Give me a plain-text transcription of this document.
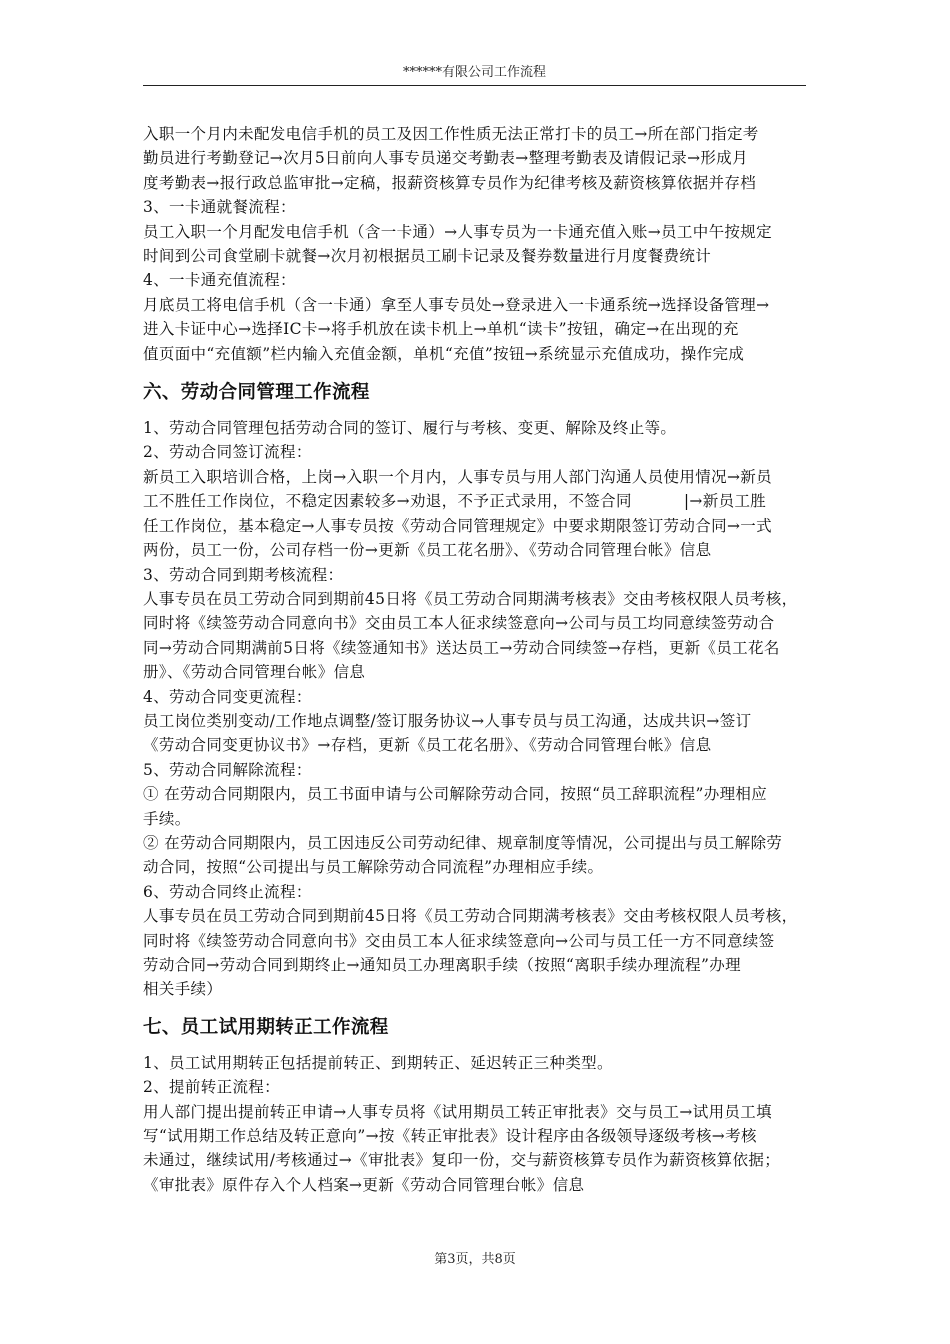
******有限公司工作流程

入职一个月内未配发电信手机的员工及因工作性质无法正常打卡的员工→所在部门指定考

勤员进行考勤登记→次月5日前向人事专员递交考勤表→整理考勤表及请假记录→形成月

度考勤表→报行政总监审批→定稿，报薪资核算专员作为纪律考核及薪资核算依据并存档

3、一卡通就餐流程：

员工入职一个月配发电信手机（含一卡通）→人事专员为一卡通充值入账→员工中午按规定

时间到公司食堂刷卡就餐→次月初根据员工刷卡记录及餐券数量进行月度餐费统计

4、一卡通充值流程：

月底员工将电信手机（含一卡通）拿至人事专员处→登录进入一卡通系统→选择设备管理→

进入卡证中心→选择IC卡→将手机放在读卡机上→单机“读卡”按钮，确定→在出现的充

值页面中“充值额”栏内输入充值金额，单机“充值”按钮→系统显示充值成功，操作完成

六、劳动合同管理工作流程

1、劳动合同管理包括劳动合同的签订、履行与考核、变更、解除及终止等。

2、劳动合同签订流程：

新员工入职培训合格，上岗→入职一个月内，人事专员与用人部门沟通人员使用情况→新员

工不胜任工作岗位，不稳定因素较多→劝退，不予正式录用，不签合同	|→新员工胜

任工作岗位，基本稳定→人事专员按《劳动合同管理规定》中要求期限签订劳动合同→一式

两份，员工一份，公司存档一份→更新《员工花名册》、《劳动合同管理台帐》信息

3、劳动合同到期考核流程：

人事专员在员工劳动合同到期前45日将《员工劳动合同期满考核表》交由考核权限人员考核，

同时将《续签劳动合同意向书》交由员工本人征求续签意向→公司与员工均同意续签劳动合

同→劳动合同期满前5日将《续签通知书》送达员工→劳动合同续签→存档，更新《员工花名

册》、《劳动合同管理台帐》信息

4、劳动合同变更流程：

员工岗位类别变动/工作地点调整/签订服务协议→人事专员与员工沟通，达成共识→签订

《劳动合同变更协议书》→存档，更新《员工花名册》、《劳动合同管理台帐》信息

5、劳动合同解除流程：

① 在劳动合同期限内，员工书面申请与公司解除劳动合同，按照“员工辞职流程”办理相应

手续。

② 在劳动合同期限内，员工因违反公司劳动纪律、规章制度等情况，公司提出与员工解除劳

动合同，按照“公司提出与员工解除劳动合同流程”办理相应手续。

6、劳动合同终止流程：

人事专员在员工劳动合同到期前45日将《员工劳动合同期满考核表》交由考核权限人员考核，

同时将《续签劳动合同意向书》交由员工本人征求续签意向→公司与员工任一方不同意续签

劳动合同→劳动合同到期终止→通知员工办理离职手续（按照“离职手续办理流程”办理

相关手续）

七、员工试用期转正工作流程

1、员工试用期转正包括提前转正、到期转正、延迟转正三种类型。

2、提前转正流程：

用人部门提出提前转正申请→人事专员将《试用期员工转正审批表》交与员工→试用员工填

写“试用期工作总结及转正意向”→按《转正审批表》设计程序由各级领导逐级考核→考核

未通过，继续试用/考核通过→《审批表》复印一份，交与薪资核算专员作为薪资核算依据；

《审批表》原件存入个人档案→更新《劳动合同管理台帐》信息

第3页，共8页
